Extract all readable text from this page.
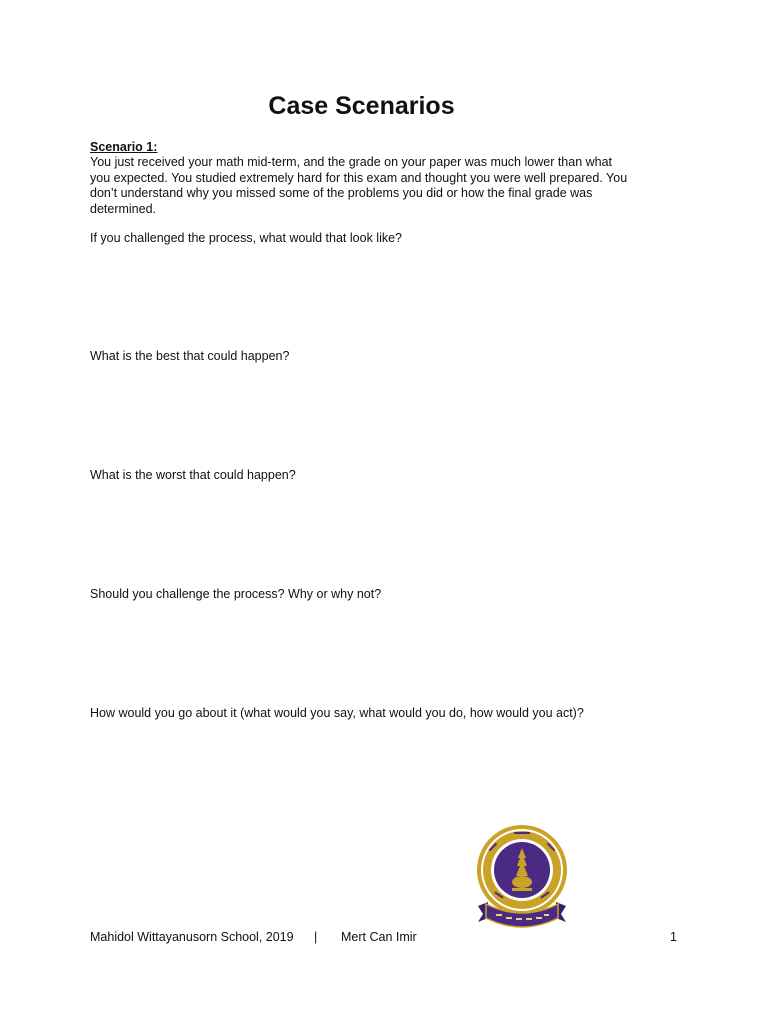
Case Scenarios
Scenario 1:
You just received your math mid-term, and the grade on your paper was much lower than what
you expected. You studied extremely hard for this exam and thought you were well prepared. You
don’t understand why you missed some of the problems you did or how the final grade was
determined.
If you challenged the process, what would that look like?
What is the best that could happen?
What is the worst that could happen?
Should you challenge the process? Why or why not?
How would you go about it (what would you say, what would you do, how would you act)?
Mahidol Wittayanusorn School, 2019 | Mert Can Imir	1
